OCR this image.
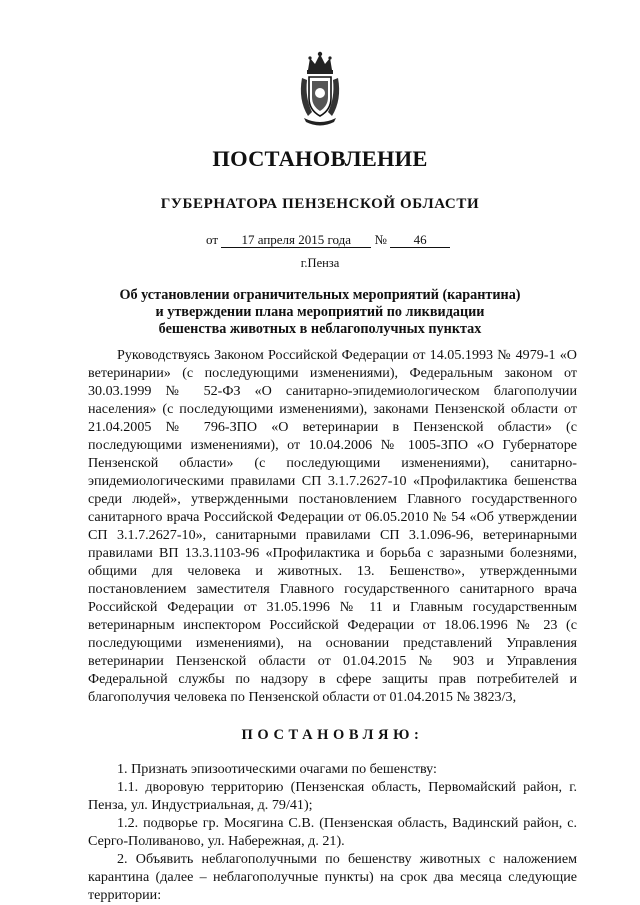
ПОСТАНОВЛЕНИЕ
ГУБЕРНАТОРА ПЕНЗЕНСКОЙ ОБЛАСТИ
от 17 апреля 2015 года № 46
г.Пенза
Об установлении ограничительных мероприятий (карантина)
и утверждении плана мероприятий по ликвидации
бешенства животных в неблагополучных пунктах

Руководствуясь Законом Российской Федерации от 14.05.1993 № 4979-1 «О ветеринарии» (с последующими изменениями), Федеральным законом от 30.03.1999 № 52-ФЗ «О санитарно-эпидемиологическом благополучии населения» (с последующими изменениями), законами Пензенской области от 21.04.2005 № 796-ЗПО «О ветеринарии в Пензенской области» (с последующими изменениями), от 10.04.2006 № 1005-ЗПО «О Губернаторе Пензенской области» (с последующими изменениями), санитарно-эпидемиологическими правилами СП 3.1.7.2627-10 «Профилактика бешенства среди людей», утвержденными постановлением Главного государственного санитарного врача Российской Федерации от 06.05.2010 № 54 «Об утверждении СП 3.1.7.2627-10», санитарными правилами СП 3.1.096-96, ветеринарными правилами ВП 13.3.1103-96 «Профилактика и борьба с заразными болезнями, общими для человека и животных. 13. Бешенство», утвержденными постановлением заместителя Главного государственного санитарного врача Российской Федерации от 31.05.1996 № 11 и Главным государственным ветеринарным инспектором Российской Федерации от 18.06.1996 № 23 (с последующими изменениями), на основании представлений Управления ветеринарии Пензенской области от 01.04.2015 № 903 и Управления Федеральной службы по надзору в сфере защиты прав потребителей и благополучия человека по Пензенской области от 01.04.2015 № 3823/3,

ПОСТАНОВЛЯЮ:

1. Признать эпизоотическими очагами по бешенству:

1.1. дворовую территорию (Пензенская область, Первомайский район, г. Пенза, ул. Индустриальная, д. 79/41);

1.2. подворье гр. Мосягина С.В. (Пензенская область, Вадинский район, с. Серго-Поливаново, ул. Набережная, д. 21).

2. Объявить неблагополучными по бешенству животных с наложением карантина (далее – неблагополучные пункты) на срок два месяца следующие территории:
